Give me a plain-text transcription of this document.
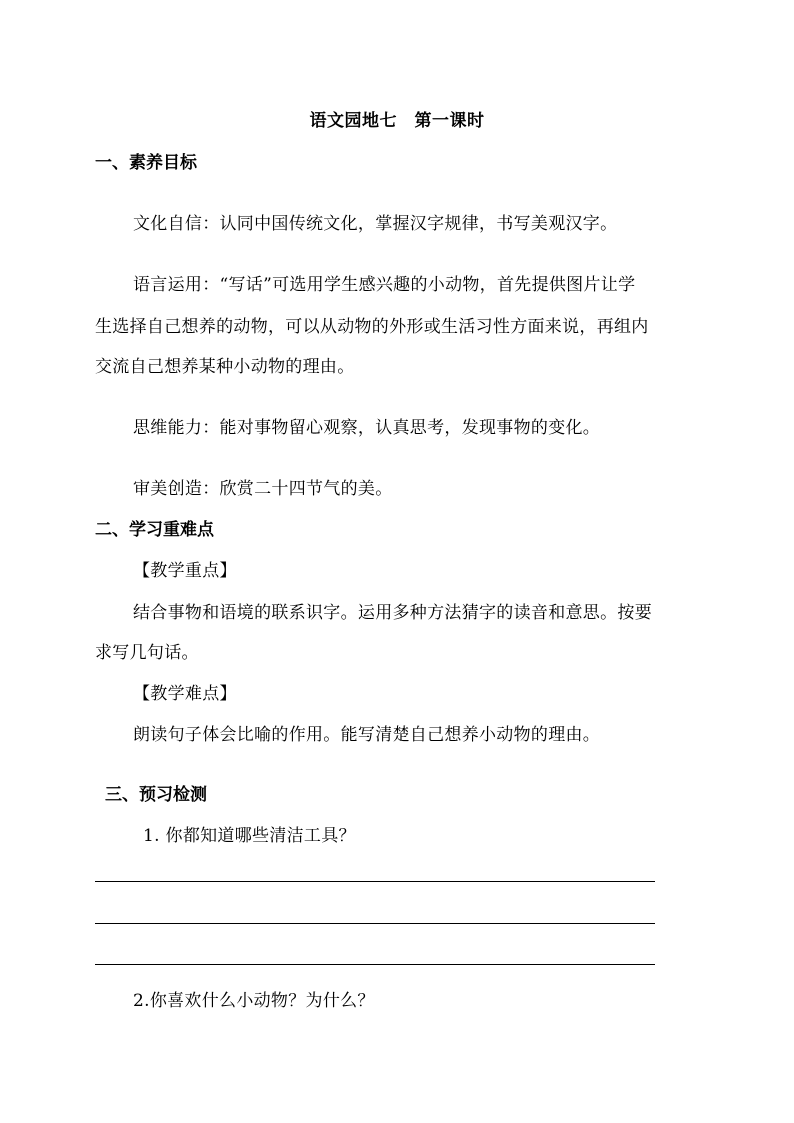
语文园地七　第一课时
一、素养目标
文化自信：认同中国传统文化，掌握汉字规律，书写美观汉字。
语言运用：“写话”可选用学生感兴趣的小动物，首先提供图片让学
生选择自己想养的动物，可以从动物的外形或生活习性方面来说，再组内
交流自己想养某种小动物的理由。
思维能力：能对事物留心观察，认真思考，发现事物的变化。
审美创造：欣赏二十四节气的美。
二、学习重难点
【教学重点】
结合事物和语境的联系识字。运用多种方法猜字的读音和意思。按要
求写几句话。
【教学难点】
朗读句子体会比喻的作用。能写清楚自己想养小动物的理由。
三、预习检测
1. 你都知道哪些清洁工具？
2.你喜欢什么小动物？为什么？
